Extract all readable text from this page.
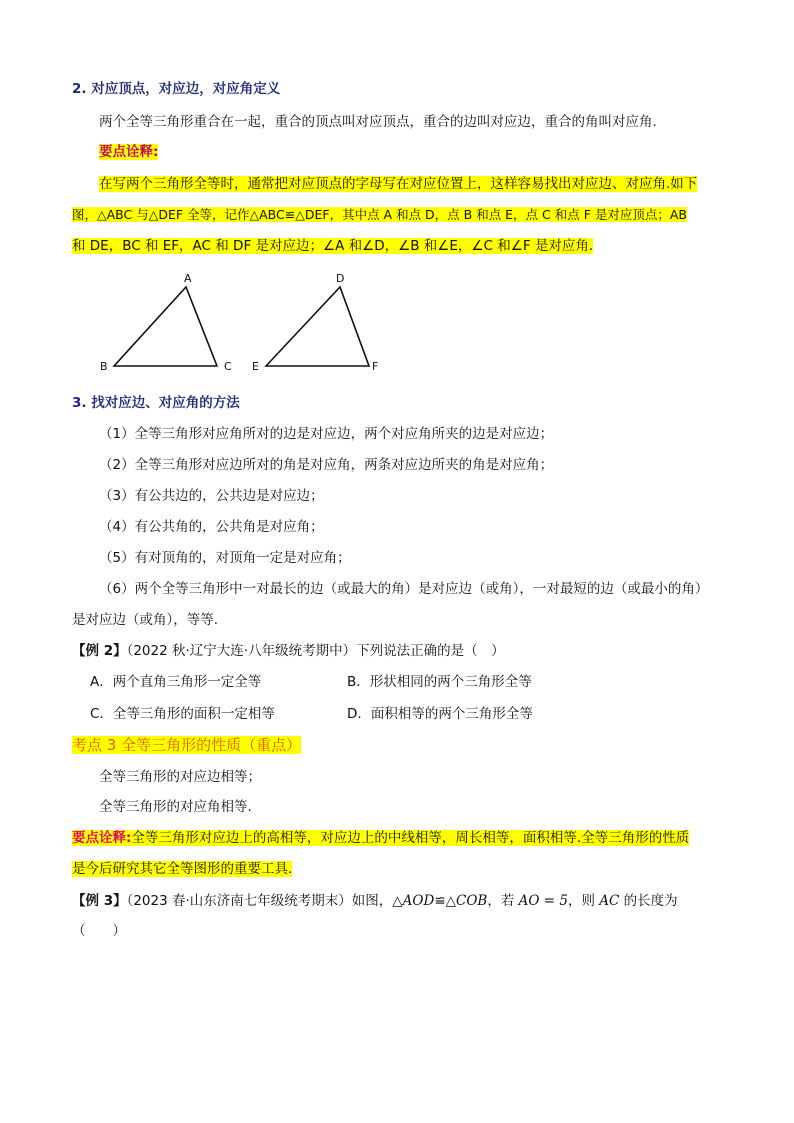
2. 对应顶点，对应边，对应角定义
两个全等三角形重合在一起，重合的顶点叫对应顶点，重合的边叫对应边，重合的角叫对应角.
要点诠释:
在写两个三角形全等时，通常把对应顶点的字母写在对应位置上，这样容易找出对应边、对应角.如下
图，△ABC 与△DEF 全等，记作△ABC≌△DEF，其中点 A 和点 D，点 B 和点 E，点 C 和点 F 是对应顶点；AB
和 DE，BC 和 EF，AC 和 DF 是对应边；∠A 和∠D，∠B 和∠E，∠C 和∠F 是对应角.
A
B	C
D
E	F
3. 找对应边、对应角的方法
（1）全等三角形对应角所对的边是对应边，两个对应角所夹的边是对应边；
（2）全等三角形对应边所对的角是对应角，两条对应边所夹的角是对应角；
（3）有公共边的，公共边是对应边；
（4）有公共角的，公共角是对应角；
（5）有对顶角的，对顶角一定是对应角；
（6）两个全等三角形中一对最长的边（或最大的角）是对应边（或角），一对最短的边（或最小的角）
是对应边（或角），等等.
【例 2】（2022 秋·辽宁大连·八年级统考期中）下列说法正确的是（　）
A．两个直角三角形一定全等	B．形状相同的两个三角形全等
C．全等三角形的面积一定相等	D．面积相等的两个三角形全等
考点 3 全等三角形的性质（重点）
全等三角形的对应边相等；
全等三角形的对应角相等.
要点诠释:全等三角形对应边上的高相等，对应边上的中线相等，周长相等，面积相等.全等三角形的性质
是今后研究其它全等图形的重要工具.
【例 3】（2023 春·山东济南七年级统考期末）如图，△AOD≌△COB，若 AO = 5，则 AC 的长度为
（　　）
